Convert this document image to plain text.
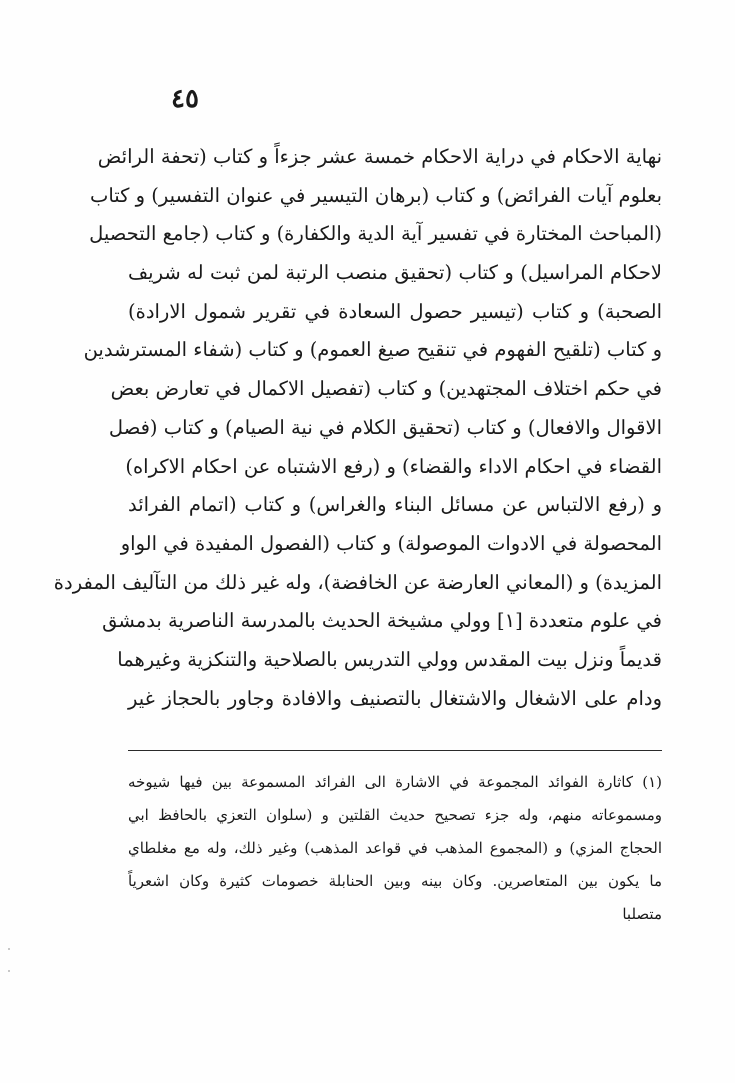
٤٥
نهاية الاحكام في دراية الاحكام خمسة عشر جزءاً و كتاب (تحفة الرائض
بعلوم آيات الفرائض) و كتاب (برهان التيسير في عنوان التفسير) و كتاب
(المباحث المختارة في تفسير آية الدية والكفارة) و كتاب (جامع التحصيل
لاحكام المراسيل) و كتاب (تحقيق منصب الرتبة لمن ثبت له شريف
الصحبة) و كتاب (تيسير حصول السعادة في تقرير شمول الارادة)
و كتاب (تلقيح الفهوم في تنقيح صيغ العموم) و كتاب (شفاء المسترشدين
في حكم اختلاف المجتهدين) و كتاب (تفصيل الاكمال في تعارض بعض
الاقوال والافعال) و كتاب (تحقيق الكلام في نية الصيام) و كتاب (فصل
القضاء في احكام الاداء والقضاء) و (رفع الاشتباه عن احكام الاكراه)
و (رفع الالتباس عن مسائل البناء والغراس) و كتاب (اتمام الفرائد
المحصولة في الادوات الموصولة) و كتاب (الفصول المفيدة في الواو
المزيدة) و (المعاني العارضة عن الخافضة)، وله غير ذلك من التآليف المفردة
في علوم متعددة [١] وولي مشيخة الحديث بالمدرسة الناصرية بدمشق
قديماً ونزل بيت المقدس وولي التدريس بالصلاحية والتنكزية وغيرهما
ودام على الاشغال والاشتغال بالتصنيف والافادة وجاور بالحجاز غير
(١) كاثارة الفوائد المجموعة في الاشارة الى الفرائد المسموعة بين فيها شيوخه
ومسموعاته منهم، وله جزء تصحيح حديث القلتين و (سلوان التعزي بالحافظ ابي
الحجاج المزي) و (المجموع المذهب في قواعد المذهب) وغير ذلك، وله مع مغلطاي
ما يكون بين المتعاصرين. وكان بينه وبين الحنابلة خصومات كثيرة وكان اشعرياً
متصلبا
